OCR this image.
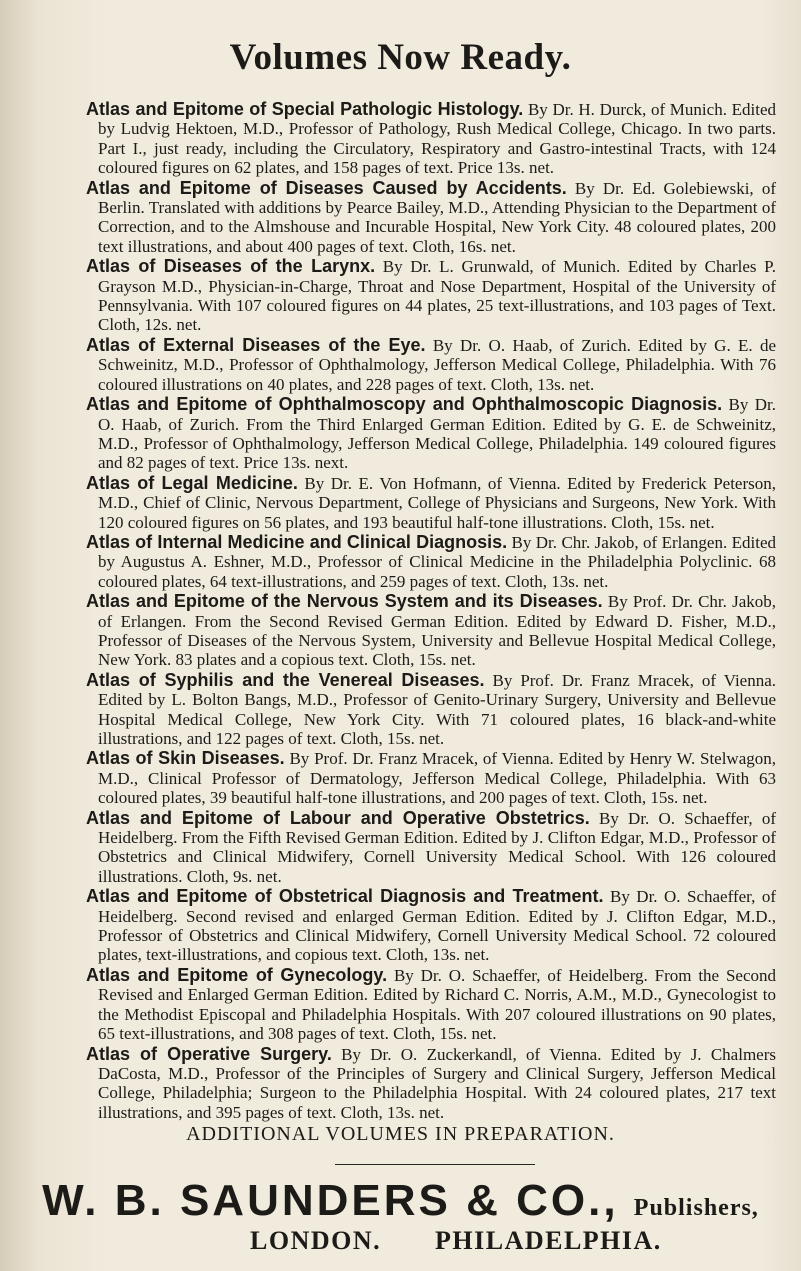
Volumes Now Ready.

Atlas and Epitome of Special Pathologic Histology. By Dr. H. Durck, of Munich. Edited by Ludvig Hektoen, M.D., Professor of Pathology, Rush Medical College, Chicago. In two parts. Part I., just ready, including the Circulatory, Respiratory and Gastro-intestinal Tracts, with 124 coloured figures on 62 plates, and 158 pages of text. Price 13s. net.

Atlas and Epitome of Diseases Caused by Accidents. By Dr. Ed. Golebiewski, of Berlin. Translated with additions by Pearce Bailey, M.D., Attending Physician to the Department of Correction, and to the Almshouse and Incurable Hospital, New York City. 48 coloured plates, 200 text illustrations, and about 400 pages of text. Cloth, 16s. net.

Atlas of Diseases of the Larynx. By Dr. L. Grunwald, of Munich. Edited by Charles P. Grayson M.D., Physician-in-Charge, Throat and Nose Department, Hospital of the University of Pennsylvania. With 107 coloured figures on 44 plates, 25 text-illustrations, and 103 pages of Text. Cloth, 12s. net.

Atlas of External Diseases of the Eye. By Dr. O. Haab, of Zurich. Edited by G. E. de Schweinitz, M.D., Professor of Ophthalmology, Jefferson Medical College, Philadelphia. With 76 coloured illustrations on 40 plates, and 228 pages of text. Cloth, 13s. net.

Atlas and Epitome of Ophthalmoscopy and Ophthalmoscopic Diagnosis. By Dr. O. Haab, of Zurich. From the Third Enlarged German Edition. Edited by G. E. de Schweinitz, M.D., Professor of Ophthalmology, Jefferson Medical College, Philadelphia. 149 coloured figures and 82 pages of text. Price 13s. next.

Atlas of Legal Medicine. By Dr. E. Von Hofmann, of Vienna. Edited by Frederick Peterson, M.D., Chief of Clinic, Nervous Department, College of Physicians and Surgeons, New York. With 120 coloured figures on 56 plates, and 193 beautiful half-tone illustrations. Cloth, 15s. net.

Atlas of Internal Medicine and Clinical Diagnosis. By Dr. Chr. Jakob, of Erlangen. Edited by Augustus A. Eshner, M.D., Professor of Clinical Medicine in the Philadelphia Polyclinic. 68 coloured plates, 64 text-illustrations, and 259 pages of text. Cloth, 13s. net.

Atlas and Epitome of the Nervous System and its Diseases. By Prof. Dr. Chr. Jakob, of Erlangen. From the Second Revised German Edition. Edited by Edward D. Fisher, M.D., Professor of Diseases of the Nervous System, University and Bellevue Hospital Medical College, New York. 83 plates and a copious text. Cloth, 15s. net.

Atlas of Syphilis and the Venereal Diseases. By Prof. Dr. Franz Mracek, of Vienna. Edited by L. Bolton Bangs, M.D., Professor of Genito-Urinary Surgery, University and Bellevue Hospital Medical College, New York City. With 71 coloured plates, 16 black-and-white illustrations, and 122 pages of text. Cloth, 15s. net.

Atlas of Skin Diseases. By Prof. Dr. Franz Mracek, of Vienna. Edited by Henry W. Stelwagon, M.D., Clinical Professor of Dermatology, Jefferson Medical College, Philadelphia. With 63 coloured plates, 39 beautiful half-tone illustrations, and 200 pages of text. Cloth, 15s. net.

Atlas and Epitome of Labour and Operative Obstetrics. By Dr. O. Schaeffer, of Heidelberg. From the Fifth Revised German Edition. Edited by J. Clifton Edgar, M.D., Professor of Obstetrics and Clinical Midwifery, Cornell University Medical School. With 126 coloured illustrations. Cloth, 9s. net.

Atlas and Epitome of Obstetrical Diagnosis and Treatment. By Dr. O. Schaeffer, of Heidelberg. Second revised and enlarged German Edition. Edited by J. Clifton Edgar, M.D., Professor of Obstetrics and Clinical Midwifery, Cornell University Medical School. 72 coloured plates, text-illustrations, and copious text. Cloth, 13s. net.

Atlas and Epitome of Gynecology. By Dr. O. Schaeffer, of Heidelberg. From the Second Revised and Enlarged German Edition. Edited by Richard C. Norris, A.M., M.D., Gynecologist to the Methodist Episcopal and Philadelphia Hospitals. With 207 coloured illustrations on 90 plates, 65 text-illustrations, and 308 pages of text. Cloth, 15s. net.

Atlas of Operative Surgery. By Dr. O. Zuckerkandl, of Vienna. Edited by J. Chalmers DaCosta, M.D., Professor of the Principles of Surgery and Clinical Surgery, Jefferson Medical College, Philadelphia; Surgeon to the Philadelphia Hospital. With 24 coloured plates, 217 text illustrations, and 395 pages of text. Cloth, 13s. net.

ADDITIONAL VOLUMES IN PREPARATION.
W. B. SAUNDERS & CO., Publishers,
LONDON. PHILADELPHIA.
